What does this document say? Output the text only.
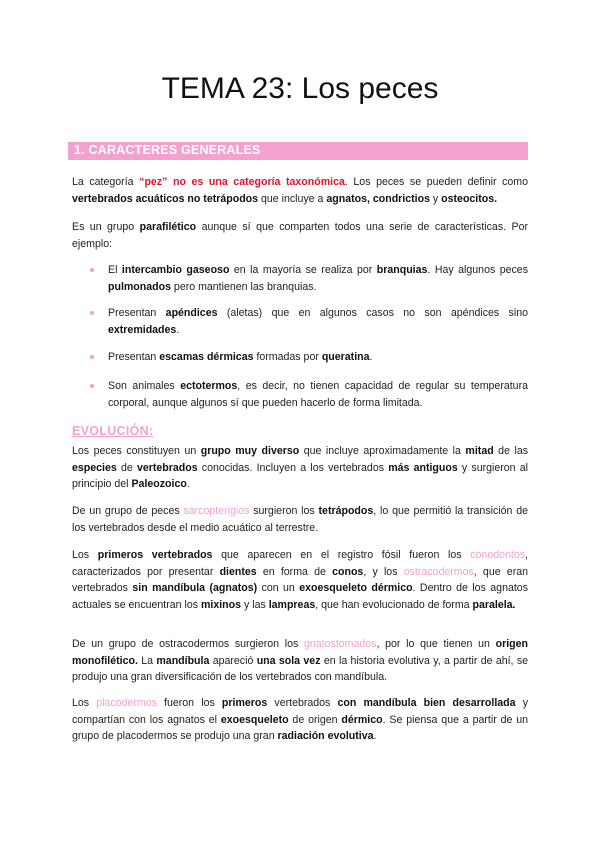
TEMA 23: Los peces
1. CARACTERES GENERALES
La categoría “pez” no es una categoría taxonómica. Los peces se pueden definir como vertebrados acuáticos no tetrápodos que incluye a agnatos, condrictios y osteocitos.
Es un grupo parafilético aunque sí que comparten todos una serie de características. Por ejemplo:
El intercambio gaseoso en la mayoría se realiza por branquias. Hay algunos peces pulmonados pero mantienen las branquias.
Presentan apéndices (aletas) que en algunos casos no son apéndices sino extremidades.
Presentan escamas dérmicas formadas por queratina.
Son animales ectotermos, es decir, no tienen capacidad de regular su temperatura corporal, aunque algunos sí que pueden hacerlo de forma limitada.
EVOLUCIÓN:
Los peces constituyen un grupo muy diverso que incluye aproximadamente la mitad de las especies de vertebrados conocidas. Incluyen a los vertebrados más antiguos y surgieron al principio del Paleozoico.
De un grupo de peces sarcopterigios surgieron los tetrápodos, lo que permitió la transición de los vertebrados desde el medio acuático al terrestre.
Los primeros vertebrados que aparecen en el registro fósil fueron los conodontos, caracterizados por presentar dientes en forma de conos, y los ostracodermos, que eran vertebrados sin mandíbula (agnatos) con un exoesqueleto dérmico. Dentro de los agnatos actuales se encuentran los mixinos y las lampreas, que han evolucionado de forma paralela.
De un grupo de ostracodermos surgieron los gnatostomados, por lo que tienen un origen monofilético. La mandíbula apareció una sola vez en la historia evolutiva y, a partir de ahí, se produjo una gran diversificación de los vertebrados con mandíbula.
Los placodermos fueron los primeros vertebrados con mandíbula bien desarrollada y compartían con los agnatos el exoesqueleto de origen dérmico. Se piensa que a partir de un grupo de placodermos se produjo una gran radiación evolutiva.
